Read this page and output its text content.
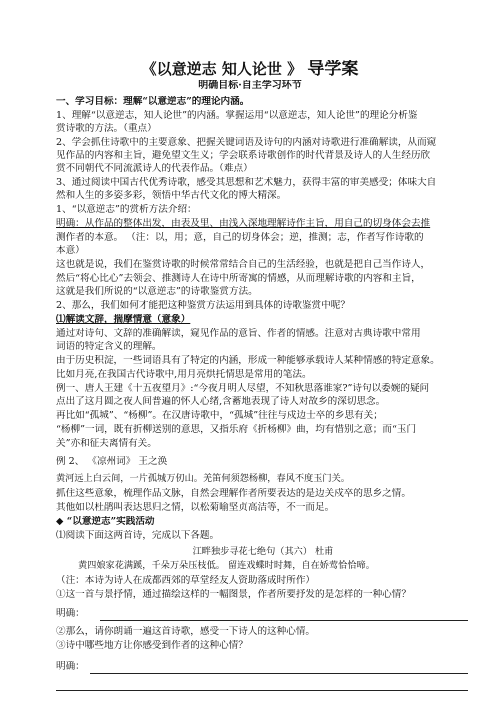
《以意逆志 知人论世 》 导学案
明确目标·自主学习环节
一、学习目标：理解“以意逆志”的理论内涵。
1、理解“以意逆志，知人论世”的内涵。掌握运用“以意逆志，知人论世”的理论分析鉴
赏诗歌的方法。（重点）
2、学会抓住诗歌中的主要意象、把握关键词语及诗句的内涵对诗歌进行准确解读，从而窥
见作品的内容和主旨，避免望文生义；学会联系诗歌创作的时代背景及诗人的人生经历欣
赏不同朝代不同流派诗人的代表作品。（难点）
3、通过阅读中国古代优秀诗歌，感受其思想和艺术魅力，获得丰富的审美感受；体味大自
然和人生的多姿多彩，领悟中华古代文化的博大精深。
1、“以意逆志”的赏析方法介绍：
明确：从作品的整体出发，由表及里、由浅入深地理解诗作主旨，用自己的切身体会去推
测作者的本意。 （注：以，用；意，自己的切身体会；逆，推测；志，作者写作诗歌的
本意）
这也就是说，我们在鉴赏诗歌的时候常常结合自己的生活经验，也就是把自己当作诗人，
然后“将心比心”去领会、推测诗人在诗中所寄寓的情感，从而理解诗歌的内容和主旨，
这就是我们所说的“以意逆志”的诗歌鉴赏方法。
2、那么，我们如何才能把这种鉴赏方法运用到具体的诗歌鉴赏中呢？
⑴解读文辞，揣摩情意（意象）
通过对诗句、文辞的准确解读，窥见作品的意旨、作者的情感。注意对古典诗歌中常用
词语的特定含义的理解。
由于历史积淀，一些词语具有了特定的内涵，形成一种能够承载诗人某种情感的特定意象。
比如月亮,在我国古代诗歌中,用月亮烘托情思是常用的笔法。
例一、唐人王建《十五夜望月》:“今夜月明人尽望，不知秋思落谁家?”诗句以委婉的疑问
点出了这月圆之夜人间普遍的怀人心绪,含蓄地表现了诗人对故乡的深切思念。
再比如“孤城”、“杨柳”。在汉唐诗歌中，“孤城”往往与戍边士卒的乡思有关；
“杨柳”一词，既有折柳送别的意思，又指乐府《折杨柳》曲，均有惜别之意；而“玉门
关”亦和征夫离情有关。
例 2、 《凉州词》 王之涣
黄河远上白云间，一片孤城万仞山。羌笛何须怨杨柳，春风不度玉门关。
抓住这些意象，梳理作品文脉，自然会理解作者所要表达的是边关戍卒的思乡之情。
其他如以杜鹃叫表达思归之情，以松菊喻坚贞高洁等，不一而足。
◆ “以意逆志”实践活动
⑴阅读下面这两首诗，完成以下各题。
江畔独步寻花七绝句（其六） 杜甫
黄四娘家花满蹊，千朵万朵压枝低。 留连戏蝶时时舞，自在娇莺恰恰啼。
（注：本诗为诗人在成都西郊的草堂经友人资助落成时所作）
①这一首与景抒情，通过描绘这样的一幅图景，作者所要抒发的是怎样的一种心情？
明确：
②那么，请你朗诵一遍这首诗歌，感受一下诗人的这种心情。
③诗中哪些地方让你感受到作者的这种心情？
明确：
